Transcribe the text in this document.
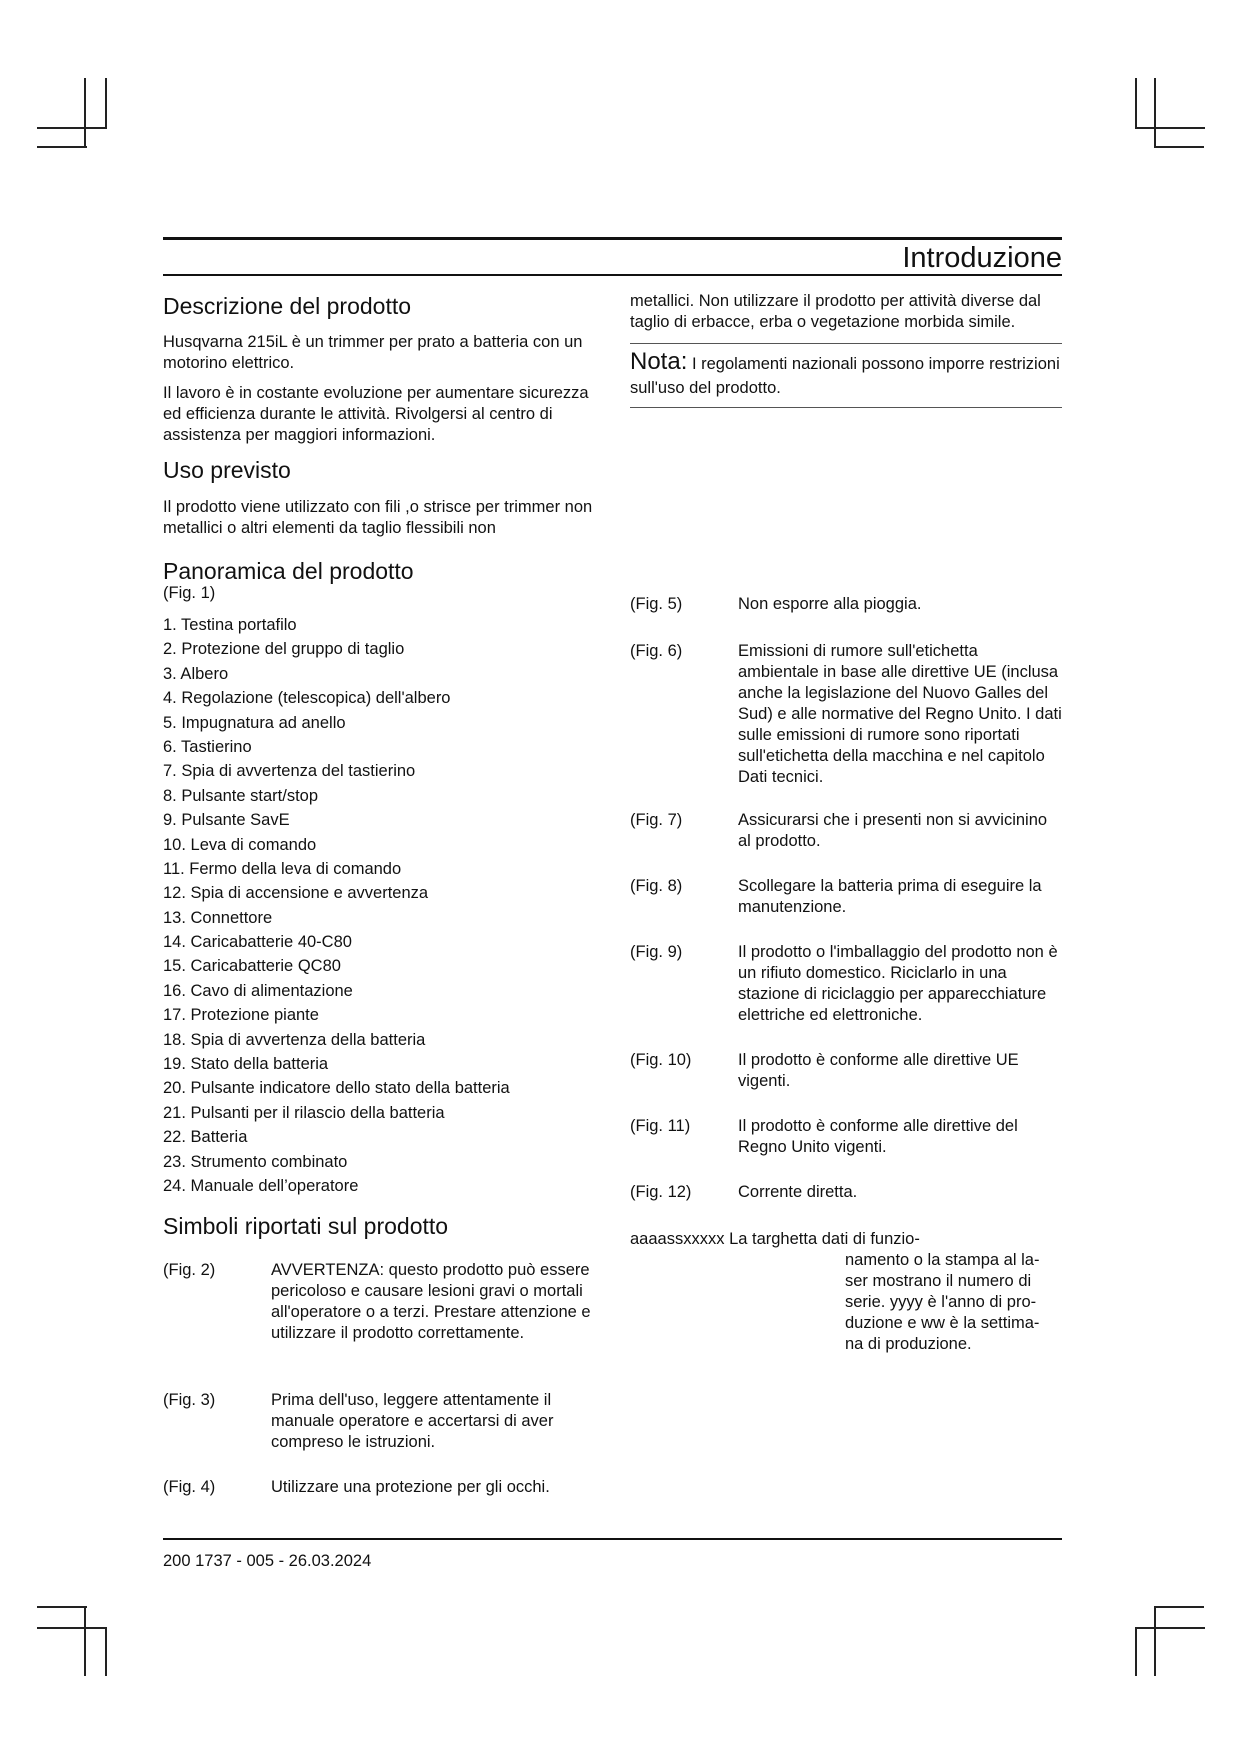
Introduzione
Descrizione del prodotto

Husqvarna 215iL è un trimmer per prato a batteria con un motorino elettrico.

Il lavoro è in costante evoluzione per aumentare sicurezza ed efficienza durante le attività. Rivolgersi al centro di assistenza per maggiori informazioni.

Uso previsto

Il prodotto viene utilizzato con fili ,o strisce per trimmer non metallici o altri elementi da taglio flessibili non

Panoramica del prodotto

(Fig. 1)

1. Testina portafilo
2. Protezione del gruppo di taglio
3. Albero
4. Regolazione (telescopica) dell'albero
5. Impugnatura ad anello
6. Tastierino
7. Spia di avvertenza del tastierino
8. Pulsante start/stop
9. Pulsante SavE
10. Leva di comando
11. Fermo della leva di comando
12. Spia di accensione e avvertenza
13. Connettore
14. Caricabatterie 40-C80
15. Caricabatterie QC80
16. Cavo di alimentazione
17. Protezione piante
18. Spia di avvertenza della batteria
19. Stato della batteria
20. Pulsante indicatore dello stato della batteria
21. Pulsanti per il rilascio della batteria
22. Batteria
23. Strumento combinato
24. Manuale dell’operatore
Simboli riportati sul prodotto
(Fig. 2)	AVVERTENZA: questo prodotto può essere pericoloso e causare lesioni gravi o mortali all'operatore o a terzi. Prestare attenzione e utilizzare il prodotto correttamente.
(Fig. 3)	Prima dell'uso, leggere attentamente il manuale operatore e accertarsi di aver compreso le istruzioni.
(Fig. 4)	Utilizzare una protezione per gli occhi.

metallici. Non utilizzare il prodotto per attività diverse dal taglio di erbacce, erba o vegetazione morbida simile.

Nota: I regolamenti nazionali possono imporre restrizioni sull'uso del prodotto.

(Fig. 5)	Non esporre alla pioggia.
(Fig. 6)	Emissioni di rumore sull'etichetta ambientale in base alle direttive UE (inclusa anche la legislazione del Nuovo Galles del Sud) e alle normative del Regno Unito. I dati sulle emissioni di rumore sono riportati sull'etichetta della macchina e nel capitolo Dati tecnici.
(Fig. 7)	Assicurarsi che i presenti non si avvicinino al prodotto.
(Fig. 8)	Scollegare la batteria prima di eseguire la manutenzione.
(Fig. 9)	Il prodotto o l'imballaggio del prodotto non è un rifiuto domestico. Riciclarlo in una stazione di riciclaggio per apparecchiature elettriche ed elettroniche.
(Fig. 10)	Il prodotto è conforme alle direttive UE vigenti.
(Fig. 11)	Il prodotto è conforme alle direttive del Regno Unito vigenti.
(Fig. 12)	Corrente diretta.

aaaassxxxxx La targhetta dati di funzio-

namento o la stampa al la-ser mostrano il numero di serie. yyyy è l'anno di pro-duzione e ww è la settima-na di produzione.

200 1737 - 005 - 26.03.2024
